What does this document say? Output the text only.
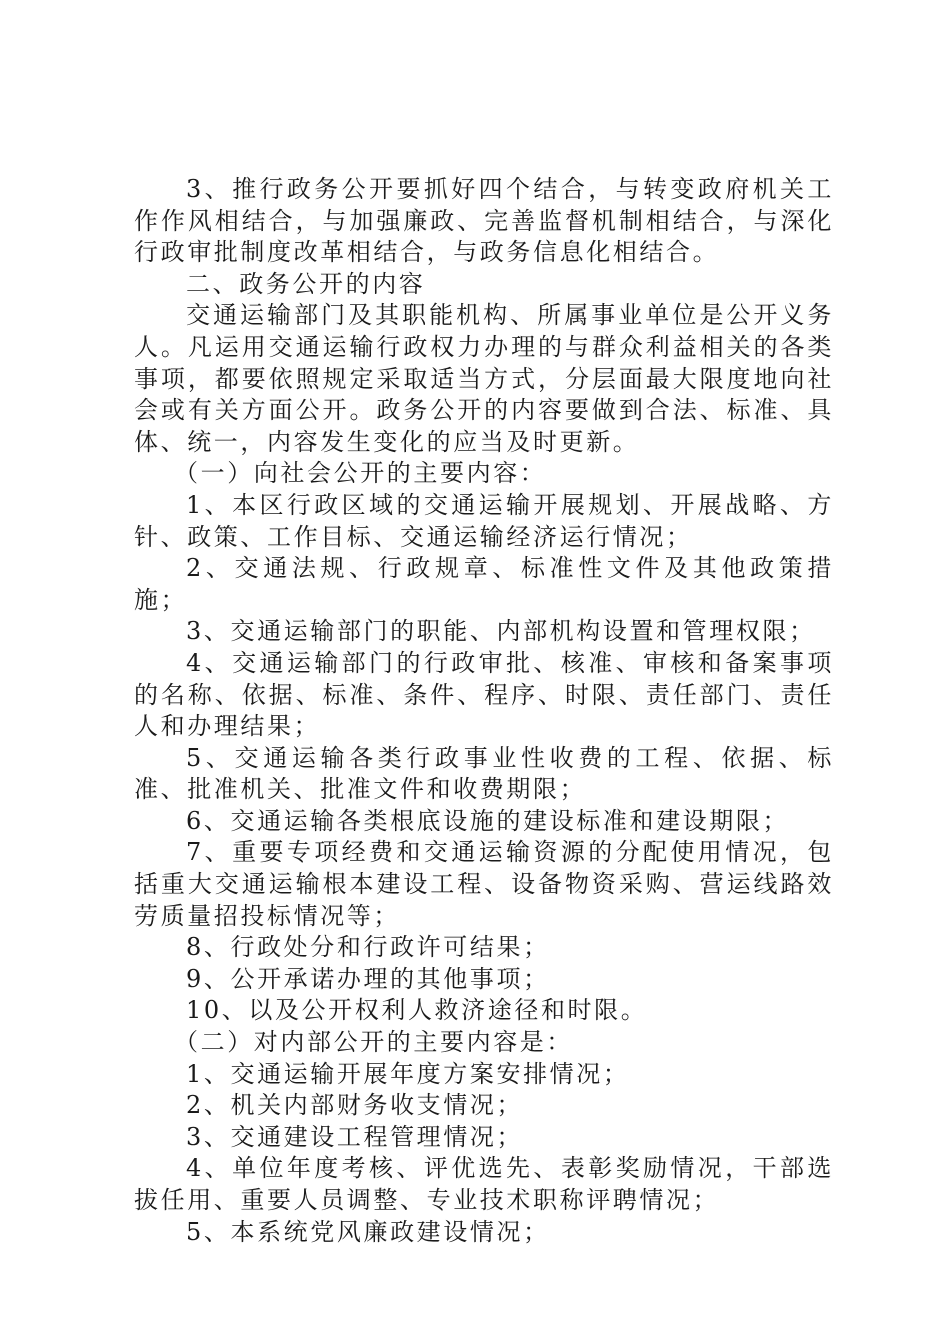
3、推行政务公开要抓好四个结合，与转变政府机关工作作风相结合，与加强廉政、完善监督机制相结合，与深化行政审批制度改革相结合，与政务信息化相结合。

二、政务公开的内容

交通运输部门及其职能机构、所属事业单位是公开义务人。凡运用交通运输行政权力办理的与群众利益相关的各类事项，都要依照规定采取适当方式，分层面最大限度地向社会或有关方面公开。政务公开的内容要做到合法、标准、具体、统一，内容发生变化的应当及时更新。

（一）向社会公开的主要内容：

1、本区行政区域的交通运输开展规划、开展战略、方针、政策、工作目标、交通运输经济运行情况；

2、交通法规、行政规章、标准性文件及其他政策措施；

3、交通运输部门的职能、内部机构设置和管理权限；

4、交通运输部门的行政审批、核准、审核和备案事项的名称、依据、标准、条件、程序、时限、责任部门、责任人和办理结果；

5、交通运输各类行政事业性收费的工程、依据、标准、批准机关、批准文件和收费期限；

6、交通运输各类根底设施的建设标准和建设期限；

7、重要专项经费和交通运输资源的分配使用情况，包括重大交通运输根本建设工程、设备物资采购、营运线路效劳质量招投标情况等；

8、行政处分和行政许可结果；

9、公开承诺办理的其他事项；

10、以及公开权利人救济途径和时限。

（二）对内部公开的主要内容是：

1、交通运输开展年度方案安排情况；

2、机关内部财务收支情况；

3、交通建设工程管理情况；

4、单位年度考核、评优选先、表彰奖励情况，干部选拔任用、重要人员调整、专业技术职称评聘情况；

5、本系统党风廉政建设情况；
